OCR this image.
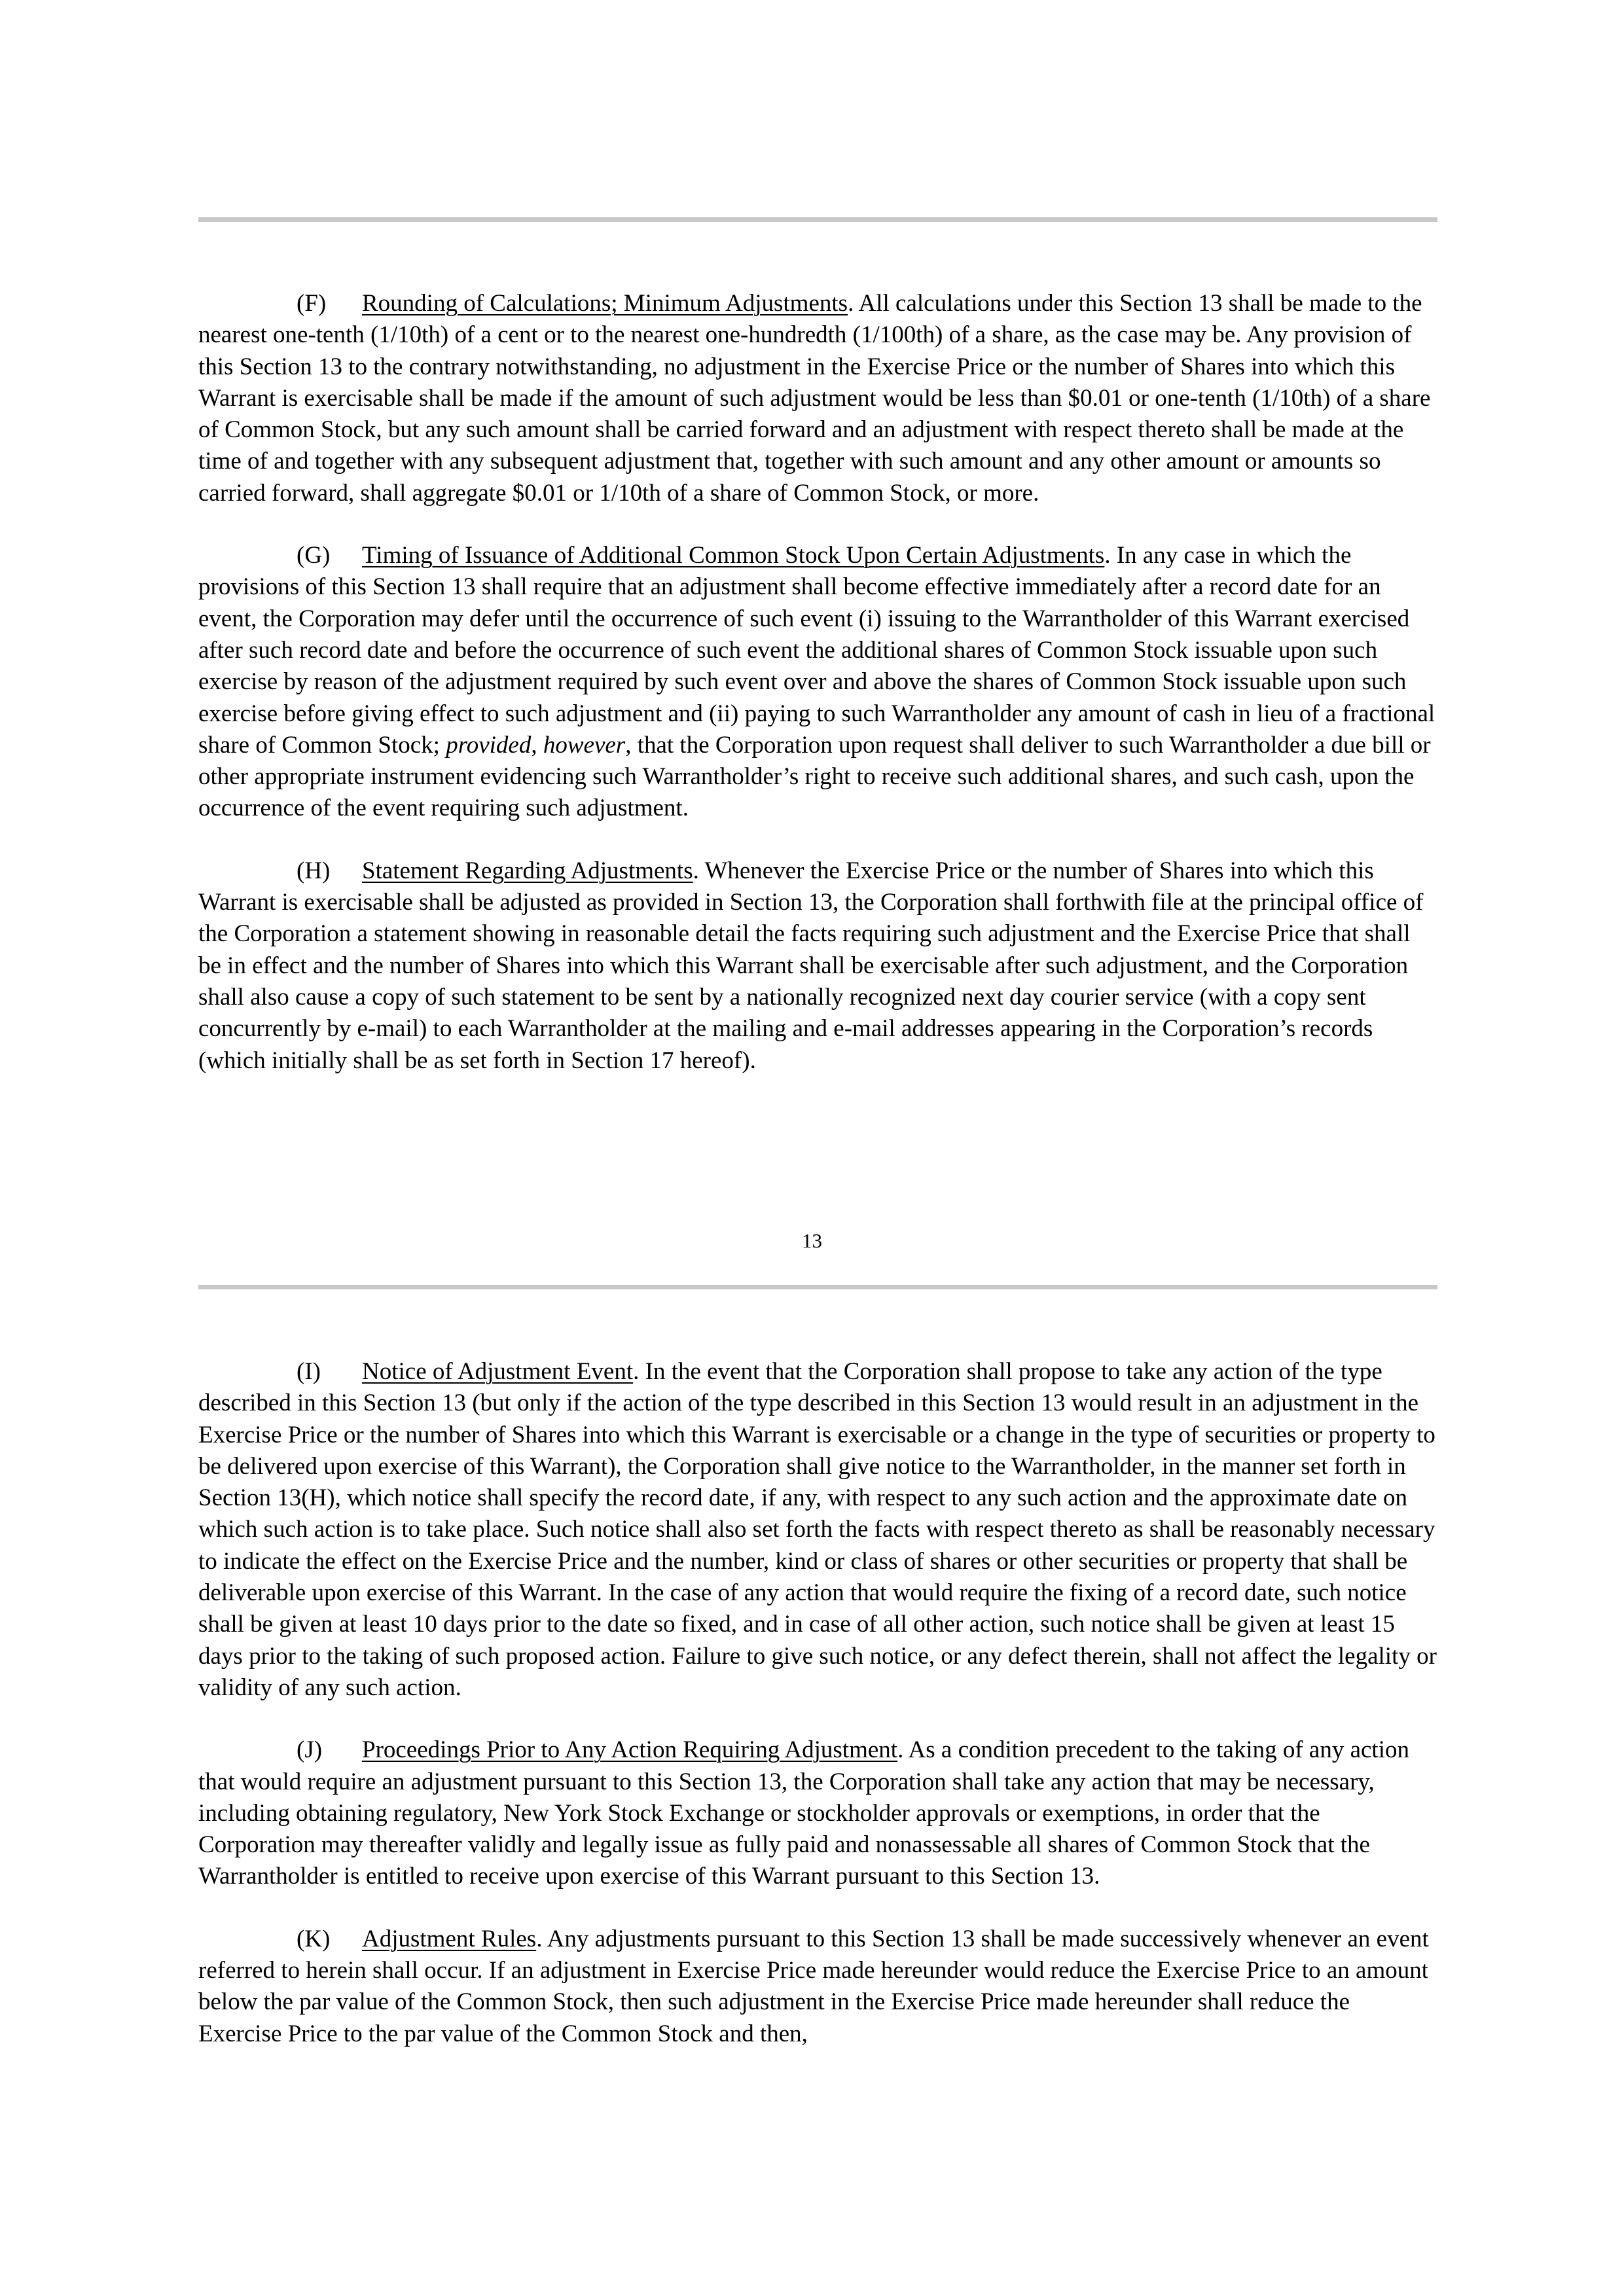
(F) Rounding of Calculations; Minimum Adjustments. All calculations under this Section 13 shall be made to the nearest one-tenth (1/10th) of a cent or to the nearest one-hundredth (1/100th) of a share, as the case may be. Any provision of this Section 13 to the contrary notwithstanding, no adjustment in the Exercise Price or the number of Shares into which this Warrant is exercisable shall be made if the amount of such adjustment would be less than $0.01 or one-tenth (1/10th) of a share of Common Stock, but any such amount shall be carried forward and an adjustment with respect thereto shall be made at the time of and together with any subsequent adjustment that, together with such amount and any other amount or amounts so carried forward, shall aggregate $0.01 or 1/10th of a share of Common Stock, or more.

(G) Timing of Issuance of Additional Common Stock Upon Certain Adjustments. In any case in which the provisions of this Section 13 shall require that an adjustment shall become effective immediately after a record date for an event, the Corporation may defer until the occurrence of such event (i) issuing to the Warrantholder of this Warrant exercised after such record date and before the occurrence of such event the additional shares of Common Stock issuable upon such exercise by reason of the adjustment required by such event over and above the shares of Common Stock issuable upon such exercise before giving effect to such adjustment and (ii) paying to such Warrantholder any amount of cash in lieu of a fractional share of Common Stock; provided, however, that the Corporation upon request shall deliver to such Warrantholder a due bill or other appropriate instrument evidencing such Warrantholder’s right to receive such additional shares, and such cash, upon the occurrence of the event requiring such adjustment.

(H) Statement Regarding Adjustments. Whenever the Exercise Price or the number of Shares into which this Warrant is exercisable shall be adjusted as provided in Section 13, the Corporation shall forthwith file at the principal office of the Corporation a statement showing in reasonable detail the facts requiring such adjustment and the Exercise Price that shall be in effect and the number of Shares into which this Warrant shall be exercisable after such adjustment, and the Corporation shall also cause a copy of such statement to be sent by a nationally recognized next day courier service (with a copy sent concurrently by e-mail) to each Warrantholder at the mailing and e-mail addresses appearing in the Corporation’s records (which initially shall be as set forth in Section 17 hereof).

13

(I) Notice of Adjustment Event. In the event that the Corporation shall propose to take any action of the type described in this Section 13 (but only if the action of the type described in this Section 13 would result in an adjustment in the Exercise Price or the number of Shares into which this Warrant is exercisable or a change in the type of securities or property to be delivered upon exercise of this Warrant), the Corporation shall give notice to the Warrantholder, in the manner set forth in Section 13(H), which notice shall specify the record date, if any, with respect to any such action and the approximate date on which such action is to take place. Such notice shall also set forth the facts with respect thereto as shall be reasonably necessary to indicate the effect on the Exercise Price and the number, kind or class of shares or other securities or property that shall be deliverable upon exercise of this Warrant. In the case of any action that would require the fixing of a record date, such notice shall be given at least 10 days prior to the date so fixed, and in case of all other action, such notice shall be given at least 15 days prior to the taking of such proposed action. Failure to give such notice, or any defect therein, shall not affect the legality or validity of any such action.

(J) Proceedings Prior to Any Action Requiring Adjustment. As a condition precedent to the taking of any action that would require an adjustment pursuant to this Section 13, the Corporation shall take any action that may be necessary, including obtaining regulatory, New York Stock Exchange or stockholder approvals or exemptions, in order that the Corporation may thereafter validly and legally issue as fully paid and nonassessable all shares of Common Stock that the Warrantholder is entitled to receive upon exercise of this Warrant pursuant to this Section 13.

(K) Adjustment Rules. Any adjustments pursuant to this Section 13 shall be made successively whenever an event referred to herein shall occur. If an adjustment in Exercise Price made hereunder would reduce the Exercise Price to an amount below the par value of the Common Stock, then such adjustment in the Exercise Price made hereunder shall reduce the Exercise Price to the par value of the Common Stock and then,
